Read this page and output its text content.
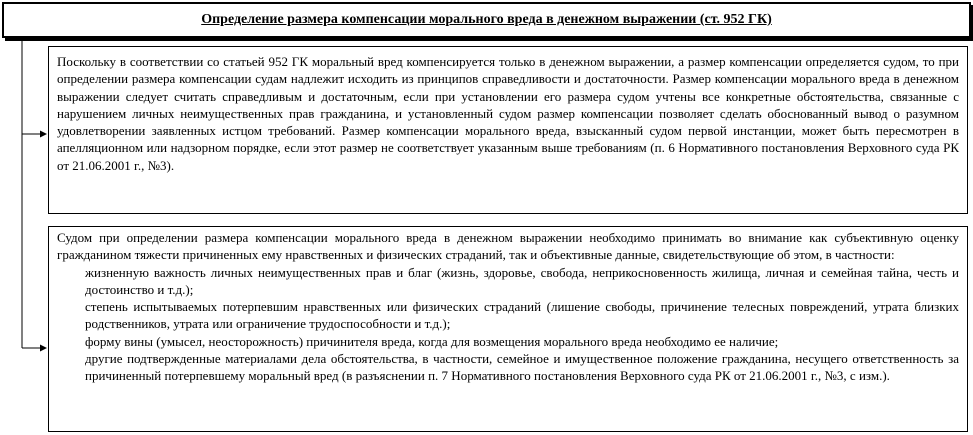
Определение размера компенсации морального вреда в денежном выражении (ст. 952 ГК)

Поскольку в соответствии со статьей 952 ГК моральный вред компенсируется только в денежном выражении, а размер компенсации определяется судом, то при определении размера компенсации судам надлежит исходить из принципов справедливости и достаточности. Размер компенсации морального вреда в денежном выражении следует считать справедливым и достаточным, если при установлении его размера судом учтены все конкретные обстоятельства, связанные с нарушением личных неимущественных прав гражданина, и установленный судом размер компенсации позволяет сделать обоснованный вывод о разумном удовлетворении заявленных истцом требований. Размер компенсации морального вреда, взысканный судом первой инстанции, может быть пересмотрен в апелляционном или надзорном порядке, если этот размер не соответствует указанным выше требованиям (п. 6 Нормативного постановления Верховного суда РК от 21.06.2001 г., №3).

Судом при определении размера компенсации морального вреда в денежном выражении необходимо принимать во внимание как субъективную оценку гражданином тяжести причиненных ему нравственных и физических страданий, так и объективные данные, свидетельствующие об этом, в частности:

жизненную важность личных неимущественных прав и благ (жизнь, здоровье, свобода, неприкосновенность жилища, личная и семейная тайна, честь и достоинство и т.д.);
степень испытываемых потерпевшим нравственных или физических страданий (лишение свободы, причинение телесных повреждений, утрата близких родственников, утрата или ограничение трудоспособности и т.д.);
форму вины (умысел, неосторожность) причинителя вреда, когда для возмещения морального вреда необходимо ее наличие;
другие подтвержденные материалами дела обстоятельства, в частности, семейное и имущественное положение гражданина, несущего ответственность за причиненный потерпевшему моральный вред (в разъяснении п. 7 Нормативного постановления Верховного суда РК от 21.06.2001 г., №3, с изм.).
